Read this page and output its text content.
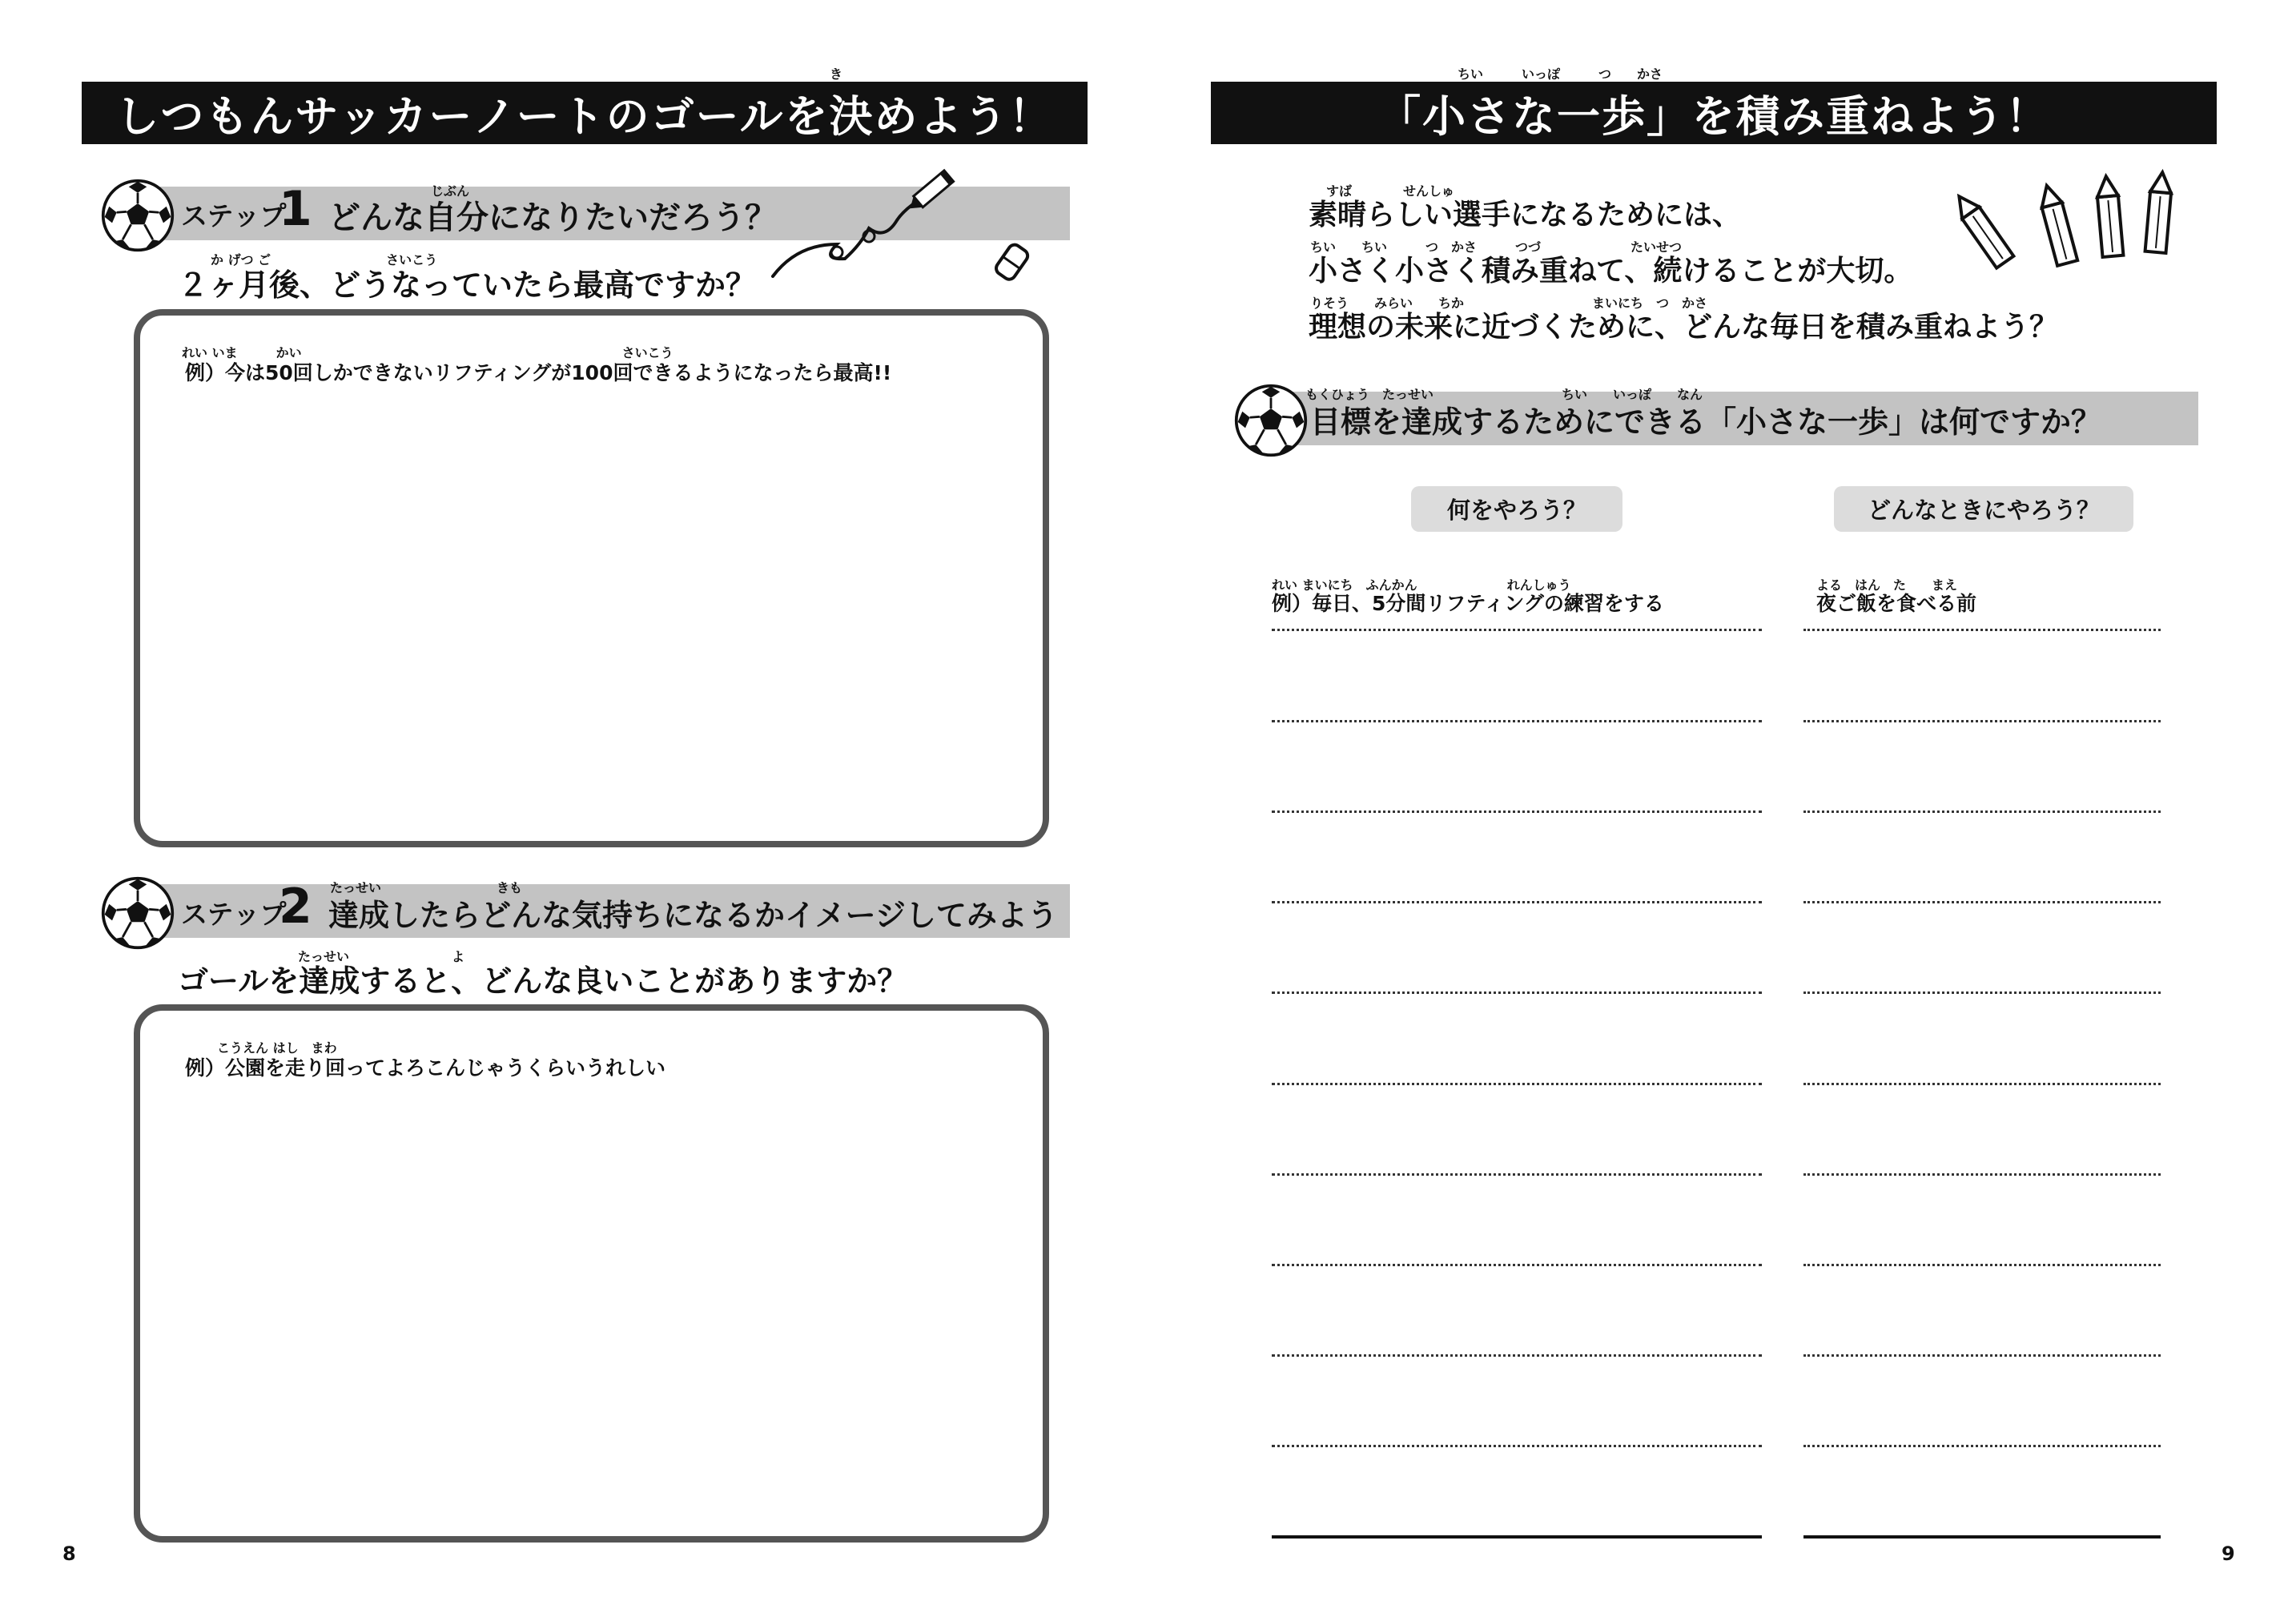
き
しつもんサッカーノートのゴールを決めよう！
ステップ
1	じぶん
どんな自分になりたいだろう？
か げつ ご　　　　　　　　　さいこう
２ヶ月後、どうなっていたら最高ですか？
れい いま　　　かい　　　　　　　　　　　　　　　　　　　　　　　　　さいこう
例）今は50回しかできないリフティングが100回できるようになったら最高!!
ステップ
2 たっせい　　　　　　　　　きも
達成したらどんな気持ちになるかイメージしてみよう
たっせい　　　　　　　　よ
ゴールを達成すると、どんな良いことがありますか？
こうえん はし　まわ
例）公園を走り回ってよろこんじゃうくらいうれしい
8
ちい　　　いっぽ　　　つ　　かさ
「小さな一歩」を積み重ねよう！
すば　　　　せんしゅ
素晴らしい選手になるためには、
ちい　　ちい　　　つ　かさ　　　つづ　　　　　　　たいせつ
小さく小さく積み重ねて、続けることが大切。
りそう　　みらい　　ちか　　　　　　　　　　まいにち　つ　かさ
理想の未来に近づくために、どんな毎日を積み重ねよう？
もくひょう　たっせい　　　　　　　　　　ちい　　いっぽ　　なん
目標を達成するためにできる「小さな一歩」は何ですか？
何をやろう？	どんなときにやろう？
れい まいにち　ふんかん　　　　　　　れんしゅう
例）毎日、5分間リフティングの練習をする
よる　はん　た　　まえ
夜ご飯を食べる前
9
